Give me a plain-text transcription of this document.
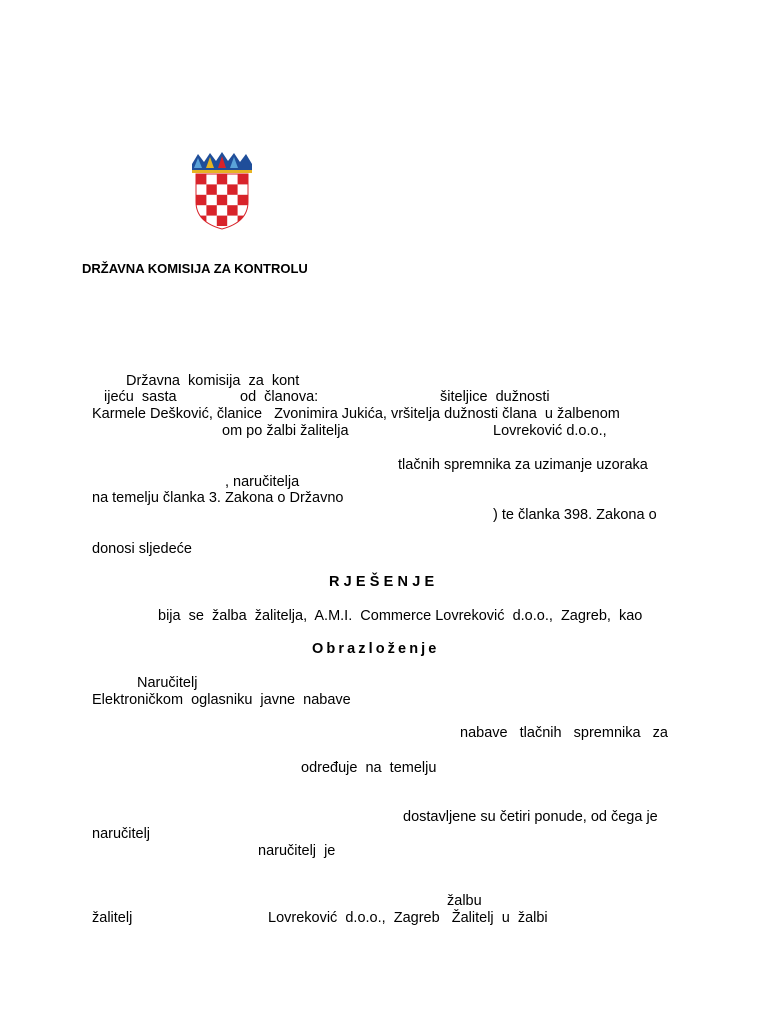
DRŽAVNA KOMISIJA ZA KONTROLU
Državna  komisija  za  kont
ijeću  sasta	od  članova:	šiteljice  dužnosti
Karmele Dešković, članice   Zvonimira Jukića, vršitelja dužnosti člana  u žalbenom
om po žalbi žalitelja	Lovreković d.o.o.,
tlačnih spremnika za uzimanje uzoraka
, naručitelja
na temelju članka 3. Zakona o Državno
) te članka 398. Zakona o
donosi sljedeće
RJEŠENJE
bija  se  žalba  žalitelja,  A.M.I.  Commerce Lovreković  d.o.o.,  Zagreb,  kao
Obrazloženje
Naručitelj
Elektroničkom  oglasniku  javne  nabave
nabave   tlačnih   spremnika   za
određuje  na  temelju
dostavljene su četiri ponude, od čega je
naručitelj
naručitelj  je
žalbu
žalitelj	Lovreković  d.o.o.,  Zagreb   Žalitelj  u  žalbi
